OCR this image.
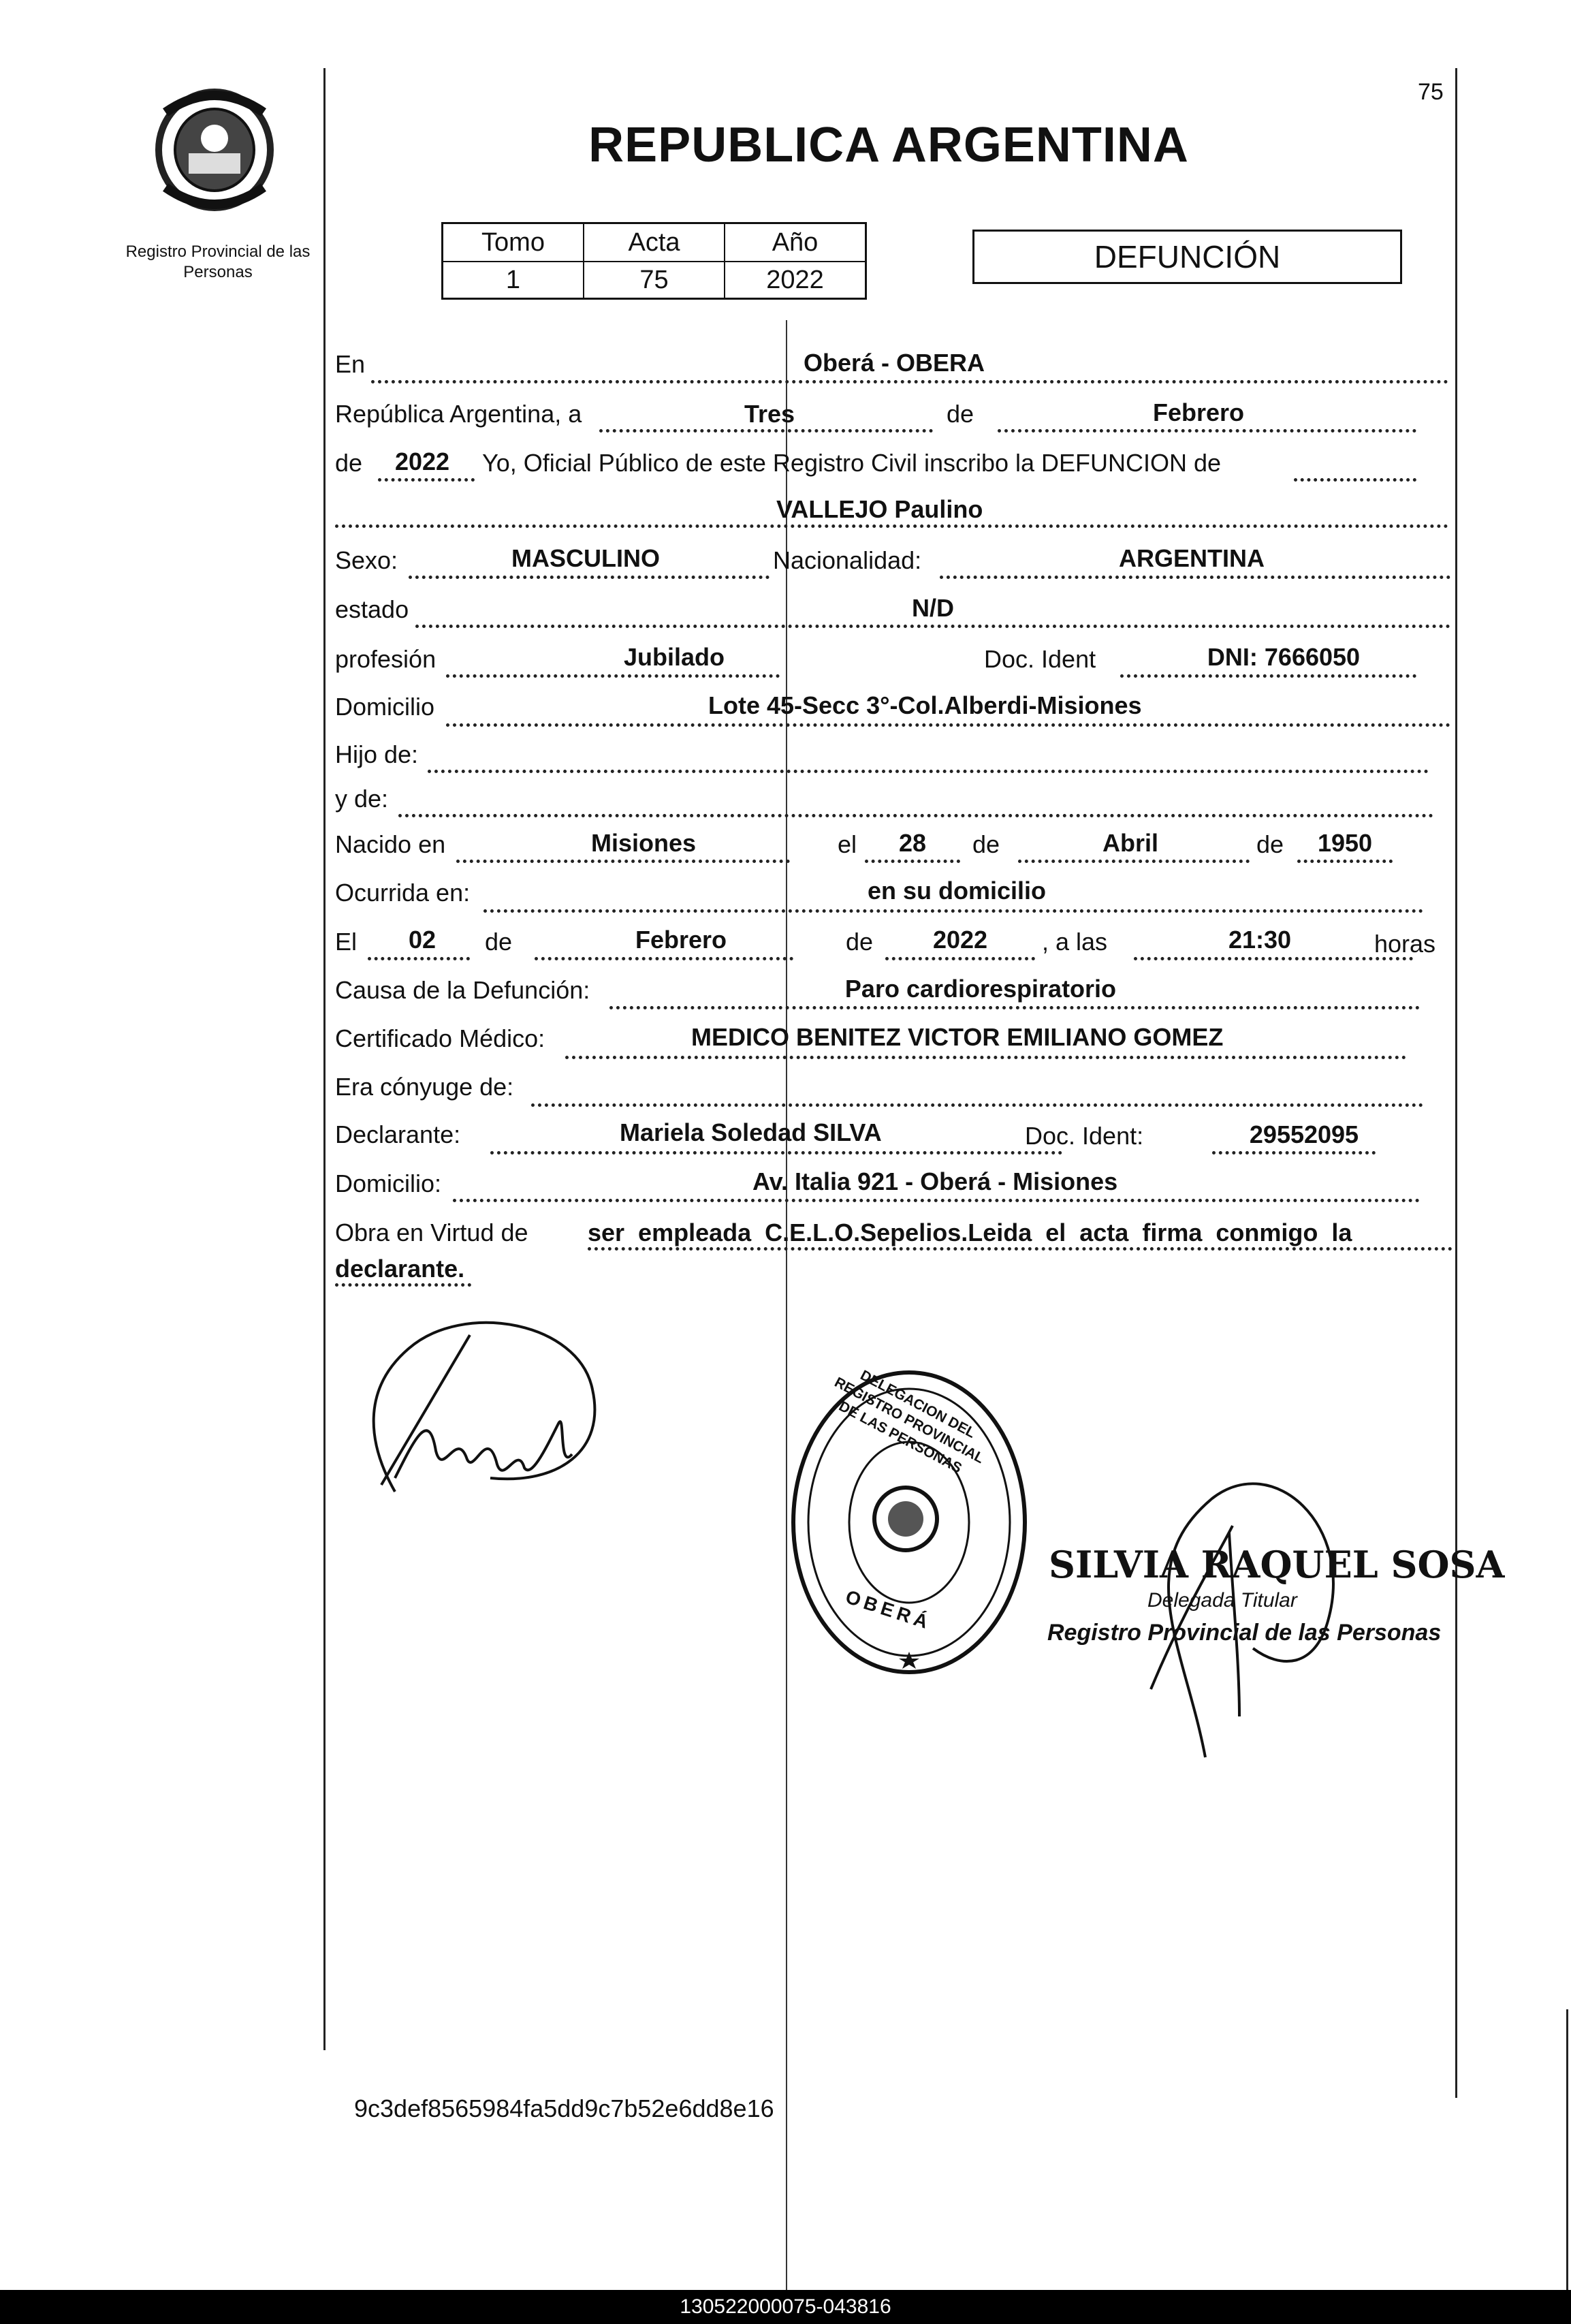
Registro Provincial de las Personas
75
REPUBLICA ARGENTINA
Tomo	Acta	Año
1	75	2022
DEFUNCIÓN
En	Oberá - OBERA
República Argentina, a	Tres	de	Febrero
de 2022 Yo, Oficial Público de este Registro Civil inscribo la DEFUNCION de
VALLEJO Paulino
Sexo:	MASCULINO	Nacionalidad:	ARGENTINA
estado	N/D
profesión	Jubilado	Doc. Ident	DNI: 7666050
Domicilio	Lote 45-Secc 3°-Col.Alberdi-Misiones
Hijo de:
y de:
Nacido en	Misiones	el	28	de	Abril	de	1950
Ocurrida en:	en su domicilio
El	02	de	Febrero	de	2022	, a las	21:30	horas
Causa de la Defunción:	Paro cardiorespiratorio
Certificado Médico:	MEDICO BENITEZ VICTOR EMILIANO GOMEZ
Era cónyuge de:
Declarante:	Mariela Soledad SILVA	Doc. Ident:	29552095
Domicilio:	Av. Italia 921 - Oberá - Misiones
Obra en Virtud de ser  empleada  C.E.L.O.Sepelios.Leida  el  acta  firma  conmigo  la
declarante.
DELEGACION DEL REGISTRO PROVINCIAL DE LAS PERSONAS
OBERÁ
SILVIA RAQUEL SOSA
Delegada Titular
Registro Provincial de las Personas
9c3def8565984fa5dd9c7b52e6dd8e16
130522000075-043816
